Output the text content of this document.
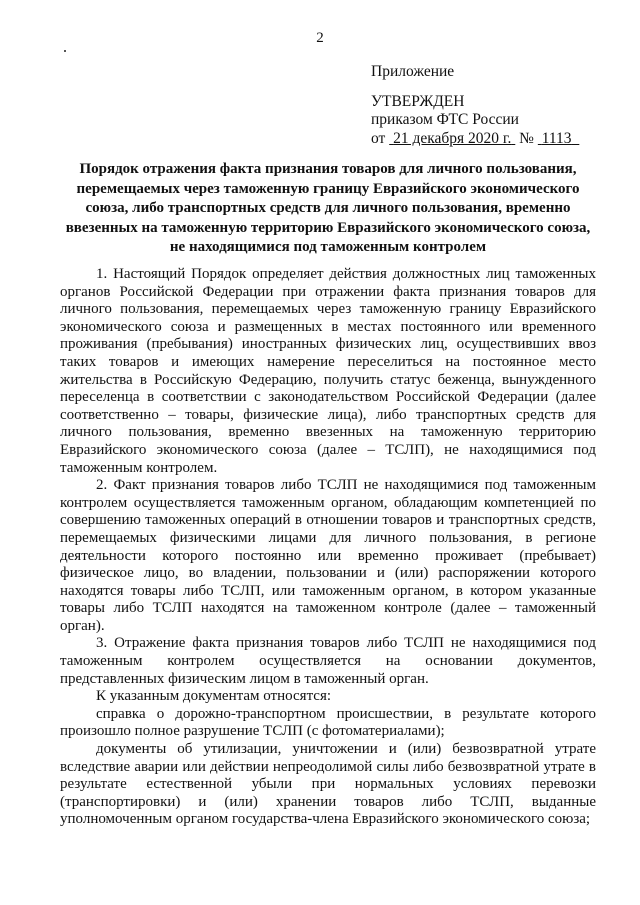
2
Приложение
УТВЕРЖДЕН
приказом ФТС России
от 21 декабря 2020 г. № 1113
Порядок отражения факта признания товаров для личного пользования, перемещаемых через таможенную границу Евразийского экономического союза, либо транспортных средств для личного пользования, временно ввезенных на таможенную территорию Евразийского экономического союза, не находящимися под таможенным контролем

1. Настоящий Порядок определяет действия должностных лиц таможенных органов Российской Федерации при отражении факта признания товаров для личного пользования, перемещаемых через таможенную границу Евразийского экономического союза и размещенных в местах постоянного или временного проживания (пребывания) иностранных физических лиц, осуществивших ввоз таких товаров и имеющих намерение переселиться на постоянное место жительства в Российскую Федерацию, получить статус беженца, вынужденного переселенца в соответствии с законодательством Российской Федерации (далее соответственно – товары, физические лица), либо транспортных средств для личного пользования, временно ввезенных на таможенную территорию Евразийского экономического союза (далее – ТСЛП), не находящимися под таможенным контролем.

2. Факт признания товаров либо ТСЛП не находящимися под таможенным контролем осуществляется таможенным органом, обладающим компетенцией по совершению таможенных операций в отношении товаров и транспортных средств, перемещаемых физическими лицами для личного пользования, в регионе деятельности которого постоянно или временно проживает (пребывает) физическое лицо, во владении, пользовании и (или) распоряжении которого находятся товары либо ТСЛП, или таможенным органом, в котором указанные товары либо ТСЛП находятся на таможенном контроле (далее – таможенный орган).

3. Отражение факта признания товаров либо ТСЛП не находящимися под таможенным контролем осуществляется на основании документов, представленных физическим лицом в таможенный орган.

К указанным документам относятся:

справка о дорожно-транспортном происшествии, в результате которого произошло полное разрушение ТСЛП (с фотоматериалами);

документы об утилизации, уничтожении и (или) безвозвратной утрате вследствие аварии или действии непреодолимой силы либо безвозвратной утрате в результате естественной убыли при нормальных условиях перевозки (транспортировки) и (или) хранении товаров либо ТСЛП, выданные уполномоченным органом государства-члена Евразийского экономического союза;
